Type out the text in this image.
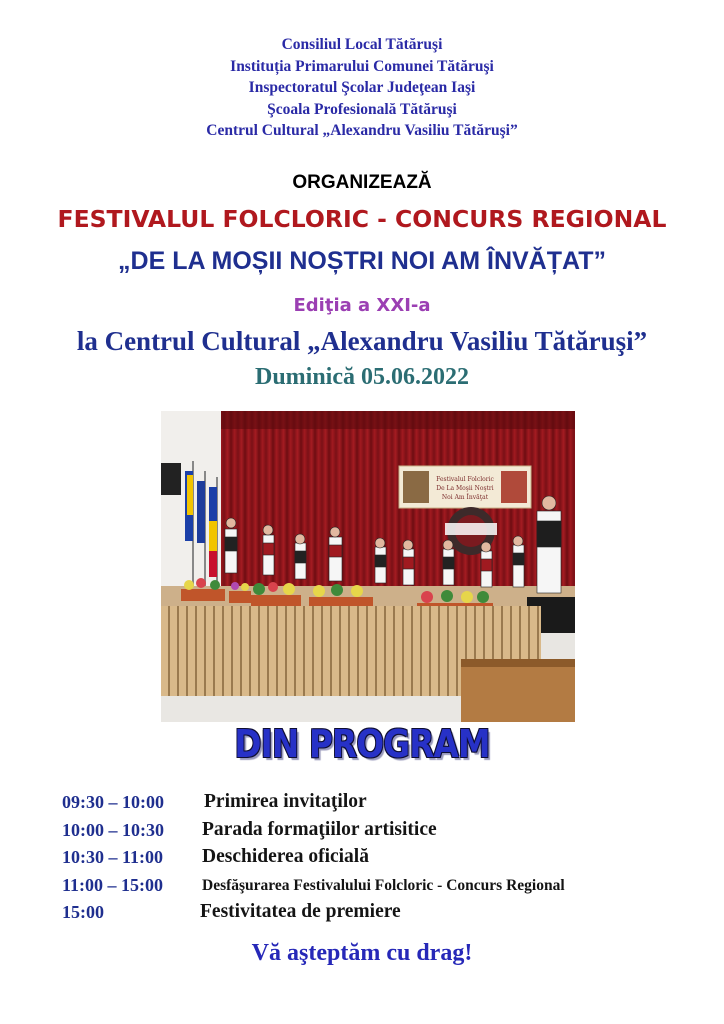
Consiliul Local Tătăruşi
Instituția Primarului Comunei Tătăruşi
Inspectoratul Şcolar Judeţean Iaşi
Şcoala Profesională Tătăruşi
Centrul Cultural „Alexandru Vasiliu Tătăruşi”
ORGANIZEAZĂ
FESTIVALUL FOLCLORIC - CONCURS REGIONAL
„DE LA MOȘII NOȘTRI NOI AM ÎNVĂȚAT”
Ediţia a XXI-a
la Centrul Cultural „Alexandru Vasiliu Tătăruşi”
Duminică 05.06.2022
Festivalul Folcloric
De La Moşii Noştri
Noi Am Învăţat
DIN PROGRAM
09:30 – 10:00 Primirea invitaţilor
10:00 – 10:30 Parada formaţiilor artisitice
10:30 – 11:00 Deschiderea oficială
11:00 – 15:00	Desfăşurarea Festivalului Folcloric - Concurs Regional
15:00	Festivitatea de premiere
Vă aşteptăm cu drag!
